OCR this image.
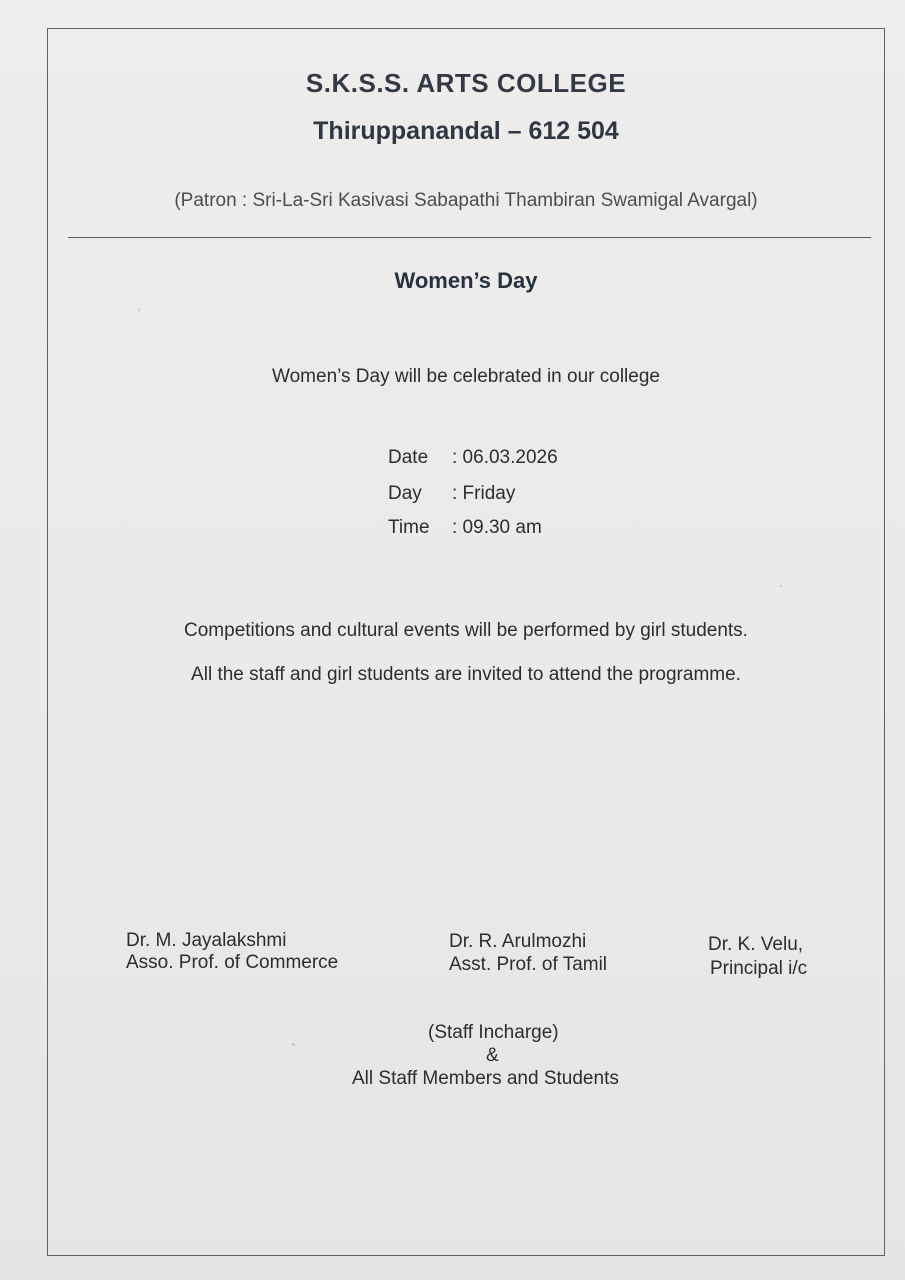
S.K.S.S. ARTS COLLEGE
Thiruppanandal – 612 504
(Patron : Sri-La-Sri Kasivasi Sabapathi Thambiran Swamigal Avargal)
Women’s Day
Women’s Day will be celebrated in our college
Date : 06.03.2026
Day : Friday
Time : 09.30 am
Competitions and cultural events will be performed by girl students.
All the staff and girl students are invited to attend the programme.
Dr. M. Jayalakshmi
Asso. Prof. of Commerce
Dr. R. Arulmozhi
Asst. Prof. of Tamil
Dr. K. Velu,
Principal i/c
(Staff Incharge)
&
All Staff Members and Students
